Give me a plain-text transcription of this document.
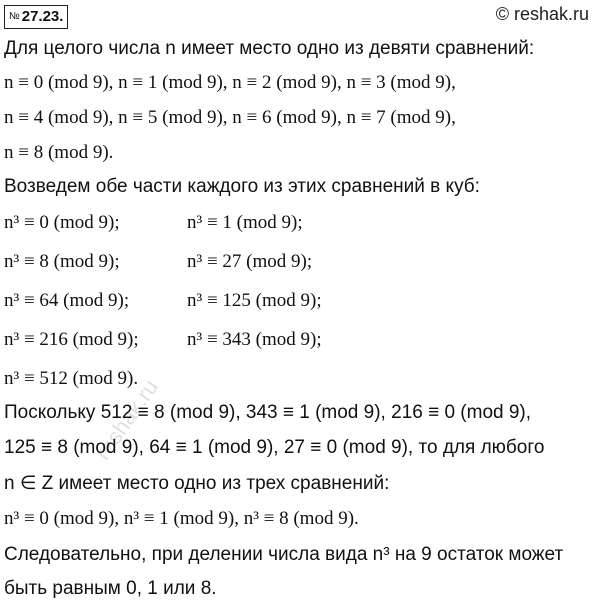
№ 27.23.	© reshak.ru
reshak.ru
Для целого числа n имеет место одно из девяти сравнений:
n ≡ 0 (mod 9), n ≡ 1 (mod 9), n ≡ 2 (mod 9), n ≡ 3 (mod 9),
n ≡ 4 (mod 9), n ≡ 5 (mod 9), n ≡ 6 (mod 9), n ≡ 7 (mod 9),
n ≡ 8 (mod 9).
Возведем обе части каждого из этих сравнений в куб:
n³ ≡ 0 (mod 9);	n³ ≡ 1 (mod 9);
n³ ≡ 8 (mod 9);	n³ ≡ 27 (mod 9);
n³ ≡ 64 (mod 9);	n³ ≡ 125 (mod 9);
n³ ≡ 216 (mod 9);	n³ ≡ 343 (mod 9);
n³ ≡ 512 (mod 9).
Поскольку 512 ≡ 8 (mod 9), 343 ≡ 1 (mod 9), 216 ≡ 0 (mod 9),
125 ≡ 8 (mod 9), 64 ≡ 1 (mod 9), 27 ≡ 0 (mod 9), то для любого
n ∈ Z имеет место одно из трех сравнений:
n³ ≡ 0 (mod 9), n³ ≡ 1 (mod 9), n³ ≡ 8 (mod 9).
Следовательно, при делении числа вида n³ на 9 остаток может
быть равным 0, 1 или 8.
